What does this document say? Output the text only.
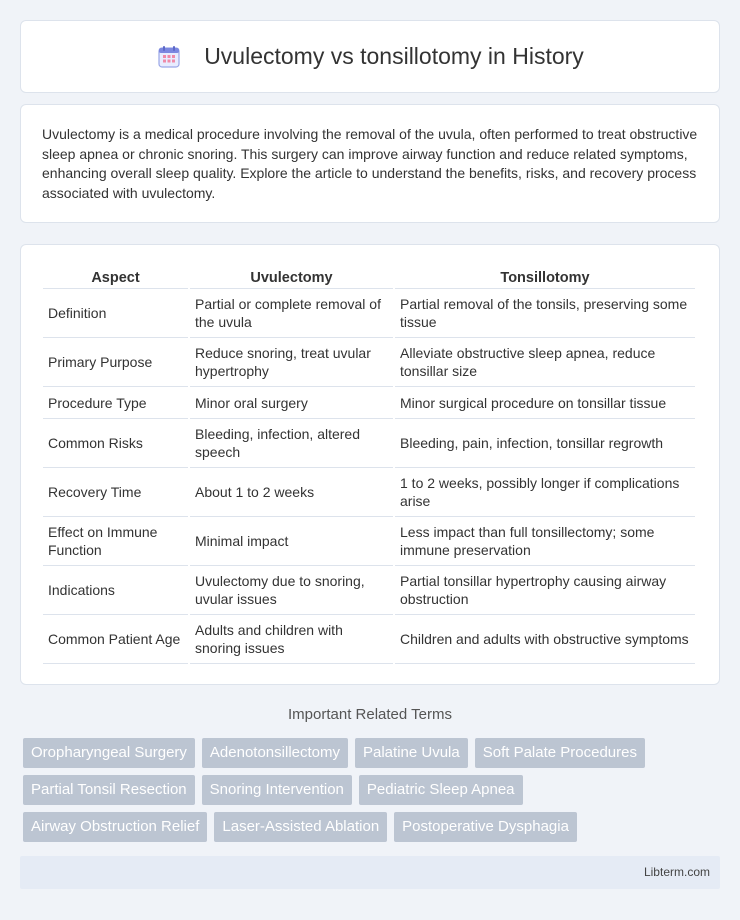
Uvulectomy vs tonsillotomy in History

Uvulectomy is a medical procedure involving the removal of the uvula, often performed to treat obstructive sleep apnea or chronic snoring. This surgery can improve airway function and reduce related symptoms, enhancing overall sleep quality. Explore the article to understand the benefits, risks, and recovery process associated with uvulectomy.

Aspect	Uvulectomy	Tonsillotomy
Definition	Partial or complete removal of the uvula	Partial removal of the tonsils, preserving some tissue
Primary Purpose	Reduce snoring, treat uvular hypertrophy	Alleviate obstructive sleep apnea, reduce tonsillar size
Procedure Type	Minor oral surgery	Minor surgical procedure on tonsillar tissue
Common Risks	Bleeding, infection, altered speech	Bleeding, pain, infection, tonsillar regrowth
Recovery Time	About 1 to 2 weeks	1 to 2 weeks, possibly longer if complications arise
Effect on Immune Function	Minimal impact	Less impact than full tonsillectomy; some immune preservation
Indications	Uvulectomy due to snoring, uvular issues	Partial tonsillar hypertrophy causing airway obstruction
Common Patient Age	Adults and children with snoring issues	Children and adults with obstructive symptoms
Important Related Terms
Oropharyngeal Surgery	Adenotonsillectomy	Palatine Uvula	Soft Palate Procedures
Partial Tonsil Resection	Snoring Intervention	Pediatric Sleep Apnea
Airway Obstruction Relief	Laser-Assisted Ablation	Postoperative Dysphagia
Libterm.com
